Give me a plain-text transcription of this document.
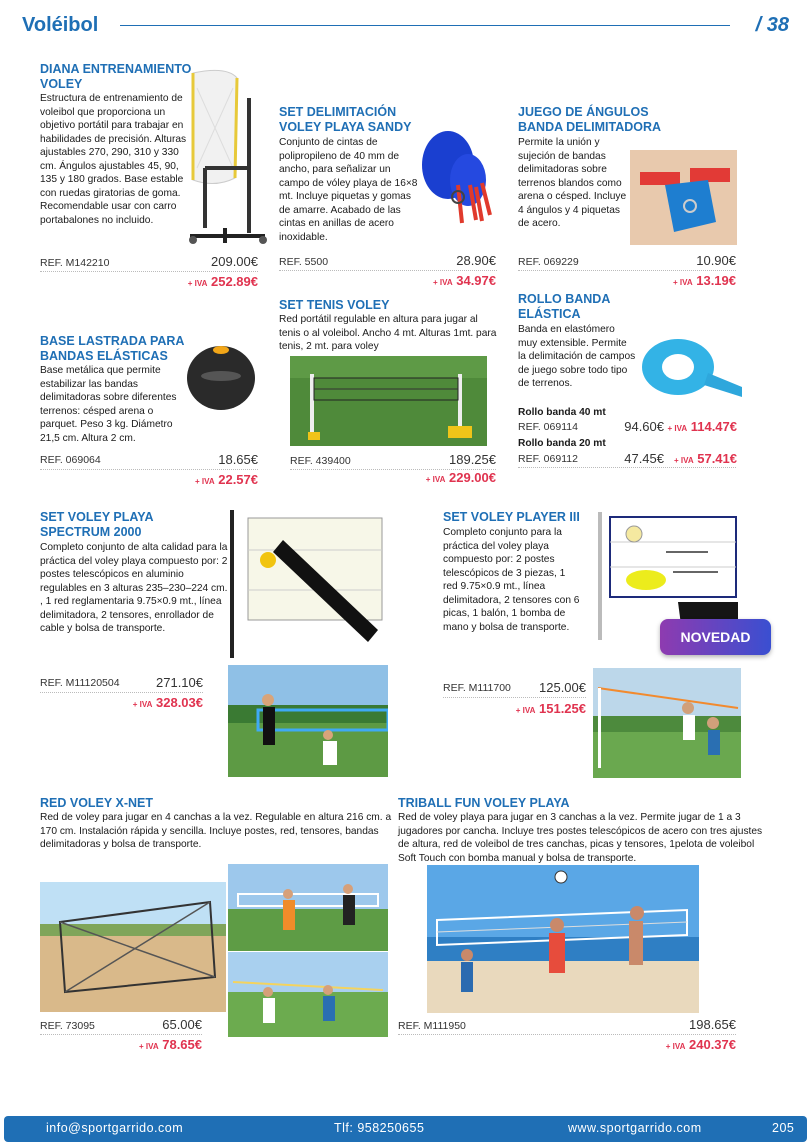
Voléibol	/ 38
DIANA ENTRENAMIENTO VOLEY
Estructura de entrenamiento de voleibol que proporciona un objetivo portátil para trabajar en habilidades de precisión. Alturas ajustables 270, 290, 310 y 330 cm. Ángulos ajustables 45, 90, 135 y 180 grados. Base estable con ruedas giratorias de goma. Recomendable usar con carro portabalones no incluido.
REF. M142210	209.00€
+ IVA 252.89€
SET DELIMITACIÓN VOLEY PLAYA SANDY
Conjunto de cintas de polipropileno de 40 mm de ancho, para señalizar un campo de vóley playa de 16×8 mt. Incluye piquetas y gomas de amarre. Acabado de las cintas en anillas de acero inoxidable.
REF. 5500	28.90€
+ IVA 34.97€
JUEGO DE ÁNGULOS BANDA DELIMITADORA
Permite la unión y sujeción de bandas delimitadoras sobre terrenos blandos como arena o césped. Incluye 4 ángulos y 4 piquetas de acero.
REF. 069229	10.90€
+ IVA 13.19€
BASE LASTRADA PARA BANDAS ELÁSTICAS
Base metálica que permite estabilizar las bandas delimitadoras sobre diferentes terrenos: césped arena o parquet. Peso 3 kg. Diámetro 21,5 cm. Altura 2 cm.
REF. 069064	18.65€
+ IVA 22.57€
SET TENIS VOLEY
Red portátil regulable en altura para jugar al tenis o al voleibol. Ancho 4 mt. Alturas 1mt. para tenis, 2 mt. para voley
REF. 439400	189.25€
+ IVA 229.00€
ROLLO BANDA ELÁSTICA
Banda en elastómero muy extensible. Permite la delimitación de campos de juego sobre todo tipo de terrenos.
Rollo banda 40 mt
REF. 069114	94.60€ + IVA 114.47€
Rollo banda 20 mt
REF. 069112	47.45€	+ IVA 57.41€
SET VOLEY PLAYA SPECTRUM 2000
Completo conjunto de alta calidad para la práctica del voley playa compuesto por: 2 postes telescópicos en aluminio regulables en 3 alturas 235–230–224 cm. , 1 red reglamentaria 9.75×0.9 mt., línea delimitadora, 2 tensores, enrollador de cable y bolsa de transporte.
REF. M11120504	271.10€
+ IVA 328.03€
SET VOLEY PLAYER III
Completo conjunto para la práctica del voley playa compuesto por: 2 postes telescópicos de 3 piezas, 1 red 9.75×0.9 mt., línea delimitadora, 2 tensores con 6 picas, 1 balón, 1 bomba de mano y bolsa de transporte.
NOVEDAD
REF. M111700	125.00€
+ IVA 151.25€
RED VOLEY X-NET
Red de voley para jugar en 4 canchas a la vez. Regulable en altura 216 cm. a 170 cm. Instalación rápida y sencilla. Incluye postes, red, tensores, bandas delimitadoras y bolsa de transporte.
REF. 73095	65.00€
+ IVA 78.65€
TRIBALL FUN VOLEY PLAYA
Red de voley playa para jugar en 3 canchas a la vez. Permite jugar de 1 a 3 jugadores por cancha. Incluye tres postes telescópicos de acero con tres ajustes de altura, red de voleibol de tres canchas, picas y tensores, 1pelota de voleibol Soft Touch con bomba manual y bolsa de transporte.
REF. M111950	198.65€
+ IVA 240.37€
info@sportgarrido.com	Tlf: 958250655	www.sportgarrido.com	205
